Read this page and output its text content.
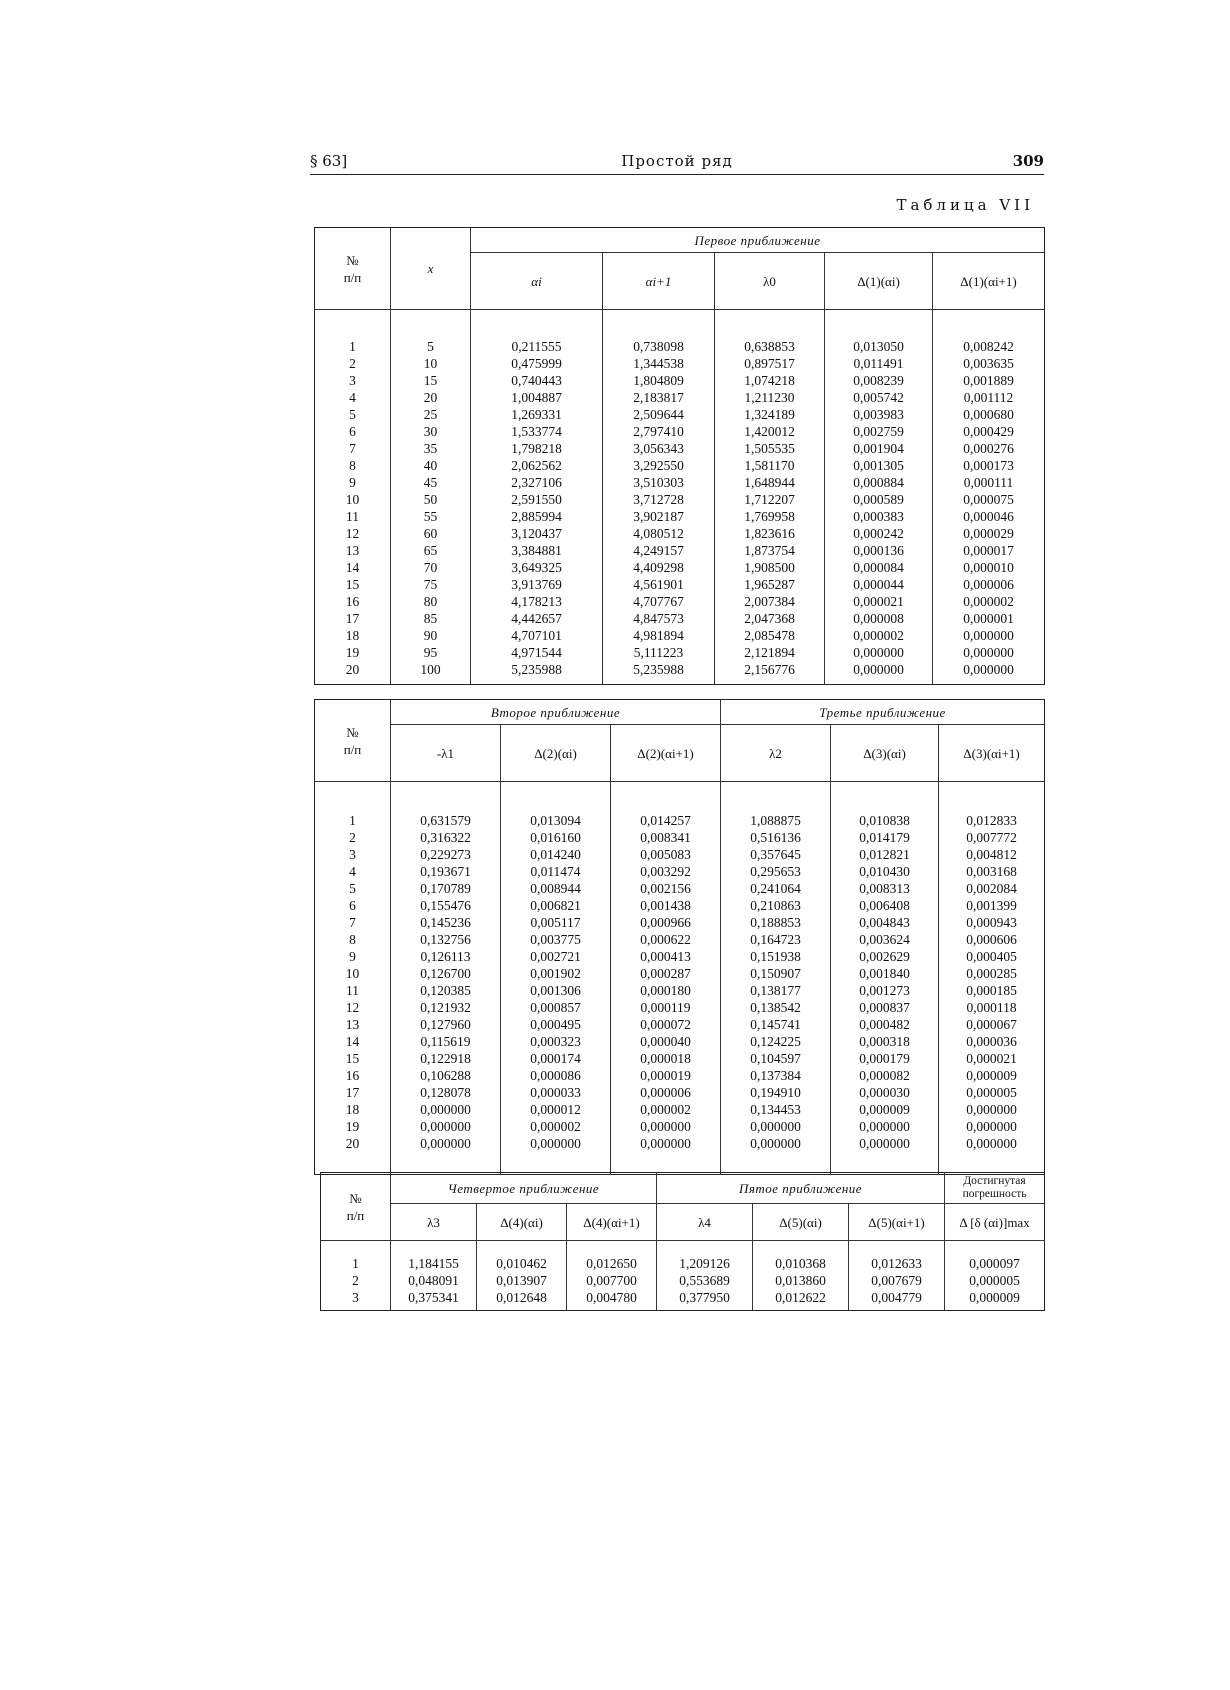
§ 63]	Простой ряд	309
Таблица VII
№
п/п	x	Первое приближение				
		αi	αi+1	λ0	Δ(1)(αi)	Δ(1)(αi+1)

1	5	0,211555	0,738098	0,638853	0,013050	0,008242
2	10	0,475999	1,344538	0,897517	0,011491	0,003635
3	15	0,740443	1,804809	1,074218	0,008239	0,001889
4	20	1,004887	2,183817	1,211230	0,005742	0,001112
5	25	1,269331	2,509644	1,324189	0,003983	0,000680
6	30	1,533774	2,797410	1,420012	0,002759	0,000429
7	35	1,798218	3,056343	1,505535	0,001904	0,000276
8	40	2,062562	3,292550	1,581170	0,001305	0,000173
9	45	2,327106	3,510303	1,648944	0,000884	0,000111
10	50	2,591550	3,712728	1,712207	0,000589	0,000075
11	55	2,885994	3,902187	1,769958	0,000383	0,000046
12	60	3,120437	4,080512	1,823616	0,000242	0,000029
13	65	3,384881	4,249157	1,873754	0,000136	0,000017
14	70	3,649325	4,409298	1,908500	0,000084	0,000010
15	75	3,913769	4,561901	1,965287	0,000044	0,000006
16	80	4,178213	4,707767	2,007384	0,000021	0,000002
17	85	4,442657	4,847573	2,047368	0,000008	0,000001
18	90	4,707101	4,981894	2,085478	0,000002	0,000000
19	95	4,971544	5,111223	2,121894	0,000000	0,000000
20	100	5,235988	5,235988	2,156776	0,000000	0,000000

№
п/п	Второе приближение			Третье приближение		
	-λ1	Δ(2)(αi)	Δ(2)(αi+1)	λ2	Δ(3)(αi)	Δ(3)(αi+1)

1	0,631579	0,013094	0,014257	1,088875	0,010838	0,012833
2	0,316322	0,016160	0,008341	0,516136	0,014179	0,007772
3	0,229273	0,014240	0,005083	0,357645	0,012821	0,004812
4	0,193671	0,011474	0,003292	0,295653	0,010430	0,003168
5	0,170789	0,008944	0,002156	0,241064	0,008313	0,002084
6	0,155476	0,006821	0,001438	0,210863	0,006408	0,001399
7	0,145236	0,005117	0,000966	0,188853	0,004843	0,000943
8	0,132756	0,003775	0,000622	0,164723	0,003624	0,000606
9	0,126113	0,002721	0,000413	0,151938	0,002629	0,000405
10	0,126700	0,001902	0,000287	0,150907	0,001840	0,000285
11	0,120385	0,001306	0,000180	0,138177	0,001273	0,000185
12	0,121932	0,000857	0,000119	0,138542	0,000837	0,000118
13	0,127960	0,000495	0,000072	0,145741	0,000482	0,000067
14	0,115619	0,000323	0,000040	0,124225	0,000318	0,000036
15	0,122918	0,000174	0,000018	0,104597	0,000179	0,000021
16	0,106288	0,000086	0,000019	0,137384	0,000082	0,000009
17	0,128078	0,000033	0,000006	0,194910	0,000030	0,000005
18	0,000000	0,000012	0,000002	0,134453	0,000009	0,000000
19	0,000000	0,000002	0,000000	0,000000	0,000000	0,000000
20	0,000000	0,000000	0,000000	0,000000	0,000000	0,000000

№
п/п	Четвертое приближение			Пятое приближение			Достигнутая погрешность
	λ3	Δ(4)(αi)	Δ(4)(αi+1)	λ4	Δ(5)(αi)	Δ(5)(αi+1)	Δ [δ (αi)]max

1	1,184155	0,010462	0,012650	1,209126	0,010368	0,012633	0,000097
2	0,048091	0,013907	0,007700	0,553689	0,013860	0,007679	0,000005
3	0,375341	0,012648	0,004780	0,377950	0,012622	0,004779	0,000009
